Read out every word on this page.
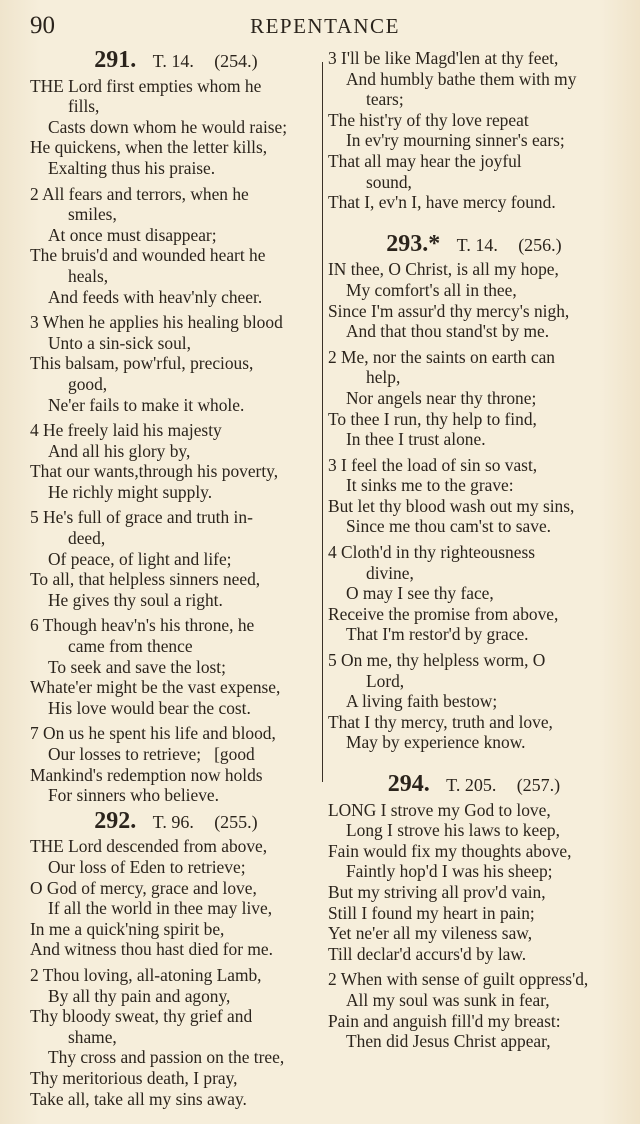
90	REPENTANCE
291. T. 14. (254.)
THE Lord first empties whom he
fills,
Casts down whom he would raise;
He quickens, when the letter kills,
Exalting thus his praise.
2 All fears and terrors, when he
smiles,
At once must disappear;
The bruis'd and wounded heart he
heals,
And feeds with heav'nly cheer.
3 When he applies his healing blood
Unto a sin-sick soul,
This balsam, pow'rful, precious,
good,
Ne'er fails to make it whole.
4 He freely laid his majesty
And all his glory by,
That our wants,through his poverty,
He richly might supply.
5 He's full of grace and truth in-
deed,
Of peace, of light and life;
To all, that helpless sinners need,
He gives thy soul a right.
6 Though heav'n's his throne, he
came from thence
To seek and save the lost;
Whate'er might be the vast expense,
His love would bear the cost.
7 On us he spent his life and blood,
Our losses to retrieve;   [good
Mankind's redemption now holds
For sinners who believe.
292. T. 96. (255.)
THE Lord descended from above,
Our loss of Eden to retrieve;
O God of mercy, grace and love,
If all the world in thee may live,
In me a quick'ning spirit be,
And witness thou hast died for me.
2 Thou loving, all-atoning Lamb,
By all thy pain and agony,
Thy bloody sweat, thy grief and
shame,
Thy cross and passion on the tree,
Thy meritorious death, I pray,
Take all, take all my sins away.
3 I'll be like Magd'len at thy feet,
And humbly bathe them with my
tears;
The hist'ry of thy love repeat
In ev'ry mourning sinner's ears;
That all may hear the joyful
sound,
That I, ev'n I, have mercy found.
293.* T. 14. (256.)
IN thee, O Christ, is all my hope,
My comfort's all in thee,
Since I'm assur'd thy mercy's nigh,
And that thou stand'st by me.
2 Me, nor the saints on earth can
help,
Nor angels near thy throne;
To thee I run, thy help to find,
In thee I trust alone.
3 I feel the load of sin so vast,
It sinks me to the grave:
But let thy blood wash out my sins,
Since me thou cam'st to save.
4 Cloth'd in thy righteousness
divine,
O may I see thy face,
Receive the promise from above,
That I'm restor'd by grace.
5 On me, thy helpless worm, O
Lord,
A living faith bestow;
That I thy mercy, truth and love,
May by experience know.
294. T. 205. (257.)
LONG I strove my God to love,
Long I strove his laws to keep,
Fain would fix my thoughts above,
Faintly hop'd I was his sheep;
But my striving all prov'd vain,
Still I found my heart in pain;
Yet ne'er all my vileness saw,
Till declar'd accurs'd by law.
2 When with sense of guilt oppress'd,
All my soul was sunk in fear,
Pain and anguish fill'd my breast:
Then did Jesus Christ appear,
